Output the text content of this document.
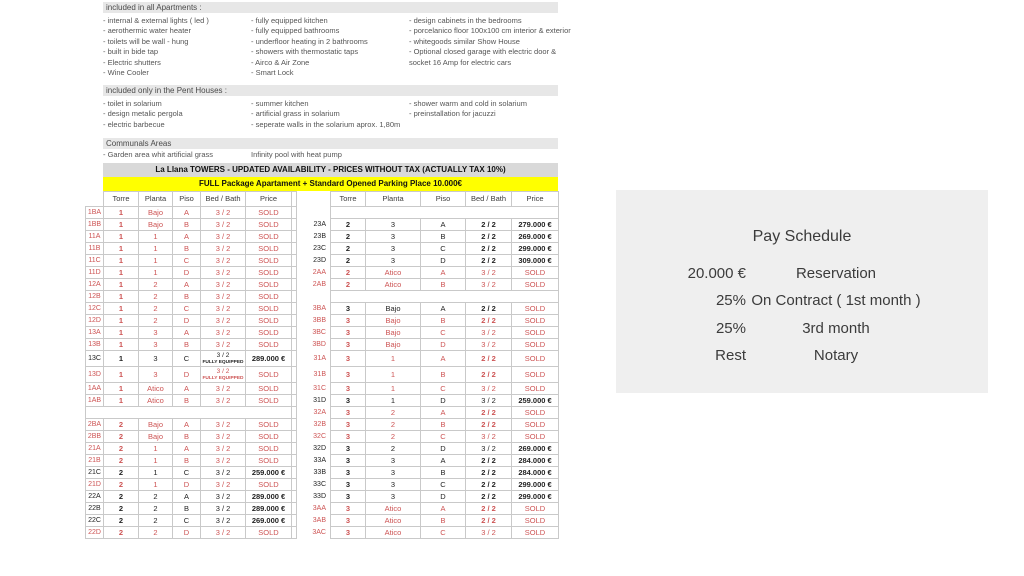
included in all Apartments :
- internal & external lights ( led )
- aerothermic water heater
- toilets will be wall - hung
- built in bide tap
- Electric shutters
- Wine Cooler
- fully equipped kitchen
- fully equipped bathrooms
- underfloor heating in 2 bathrooms
- showers with thermostatic taps
- Airco & Air Zone
- Smart Lock
- design cabinets in the bedrooms
- porcelanico floor 100x100 cm interior & exterior
- whitegoods similar Show House
- Optional closed garage with electric door & socket 16 Amp for electric cars
included only in the Pent Houses :
- toilet in solarium
- design metalic pergola
- electric barbecue
- summer kitchen
- artificial grass in solarium
- seperate walls in the solarium aprox. 1,80m
- shower warm and cold in solarium
- preinstallation for jacuzzi
Communals Areas
- Garden area whit artificial grass	Infinity pool with heat pump
La Llana TOWERS - UPDATED AVAILABILITY - PRICES WITHOUT TAX (ACTUALLY TAX 10%)
FULL Package Apartament + Standard Opened Parking Place 10.000€
	Torre	Planta	Piso	Bed / Bath	Price			Torre	Planta	Piso	Bed / Bath	Price
1BA	1	Bajo	A	3 / 2	SOLD							
1BB	1	Bajo	B	3 / 2	SOLD		23A	2	3	A	2 / 2	279.000 €
11A	1	1	A	3 / 2	SOLD		23B	2	3	B	2 / 2	269.000 €
11B	1	1	B	3 / 2	SOLD		23C	2	3	C	2 / 2	299.000 €
11C	1	1	C	3 / 2	SOLD		23D	2	3	D	2 / 2	309.000 €
11D	1	1	D	3 / 2	SOLD		2AA	2	Atico	A	3 / 2	SOLD
12A	1	2	A	3 / 2	SOLD		2AB	2	Atico	B	3 / 2	SOLD
12B	1	2	B	3 / 2	SOLD							
12C	1	2	C	3 / 2	SOLD		3BA	3	Bajo	A	2 / 2	SOLD
12D	1	2	D	3 / 2	SOLD		3BB	3	Bajo	B	2 / 2	SOLD
13A	1	3	A	3 / 2	SOLD		3BC	3	Bajo	C	3 / 2	SOLD
13B	1	3	B	3 / 2	SOLD		3BD	3	Bajo	D	3 / 2	SOLD
13C	1	3	C	3 / 2
FULLY EQUIPPED	289.000 €		31A	3	1	A	2 / 2	SOLD
13D	1	3	D	3 / 2
FULLY EQUIPPED	SOLD		31B	3	1	B	2 / 2	SOLD
1AA	1	Atico	A	3 / 2	SOLD		31C	3	1	C	3 / 2	SOLD
1AB	1	Atico	B	3 / 2	SOLD		31D	3	1	D	3 / 2	259.000 €
							32A	3	2	A	2 / 2	SOLD
2BA	2	Bajo	A	3 / 2	SOLD		32B	3	2	B	2 / 2	SOLD
2BB	2	Bajo	B	3 / 2	SOLD		32C	3	2	C	3 / 2	SOLD
21A	2	1	A	3 / 2	SOLD		32D	3	2	D	3 / 2	269.000 €
21B	2	1	B	3 / 2	SOLD		33A	3	3	A	2 / 2	284.000 €
21C	2	1	C	3 / 2	259.000 €		33B	3	3	B	2 / 2	284.000 €
21D	2	1	D	3 / 2	SOLD		33C	3	3	C	2 / 2	299.000 €
22A	2	2	A	3 / 2	289.000 €		33D	3	3	D	2 / 2	299.000 €
22B	2	2	B	3 / 2	289.000 €		3AA	3	Atico	A	2 / 2	SOLD
22C	2	2	C	3 / 2	269.000 €		3AB	3	Atico	B	2 / 2	SOLD
22D	2	2	D	3 / 2	SOLD		3AC	3	Atico	C	3 / 2	SOLD
Pay Schedule
20.000 €	Reservation
25% On Contract ( 1st month )
25%	3rd month
Rest	Notary
